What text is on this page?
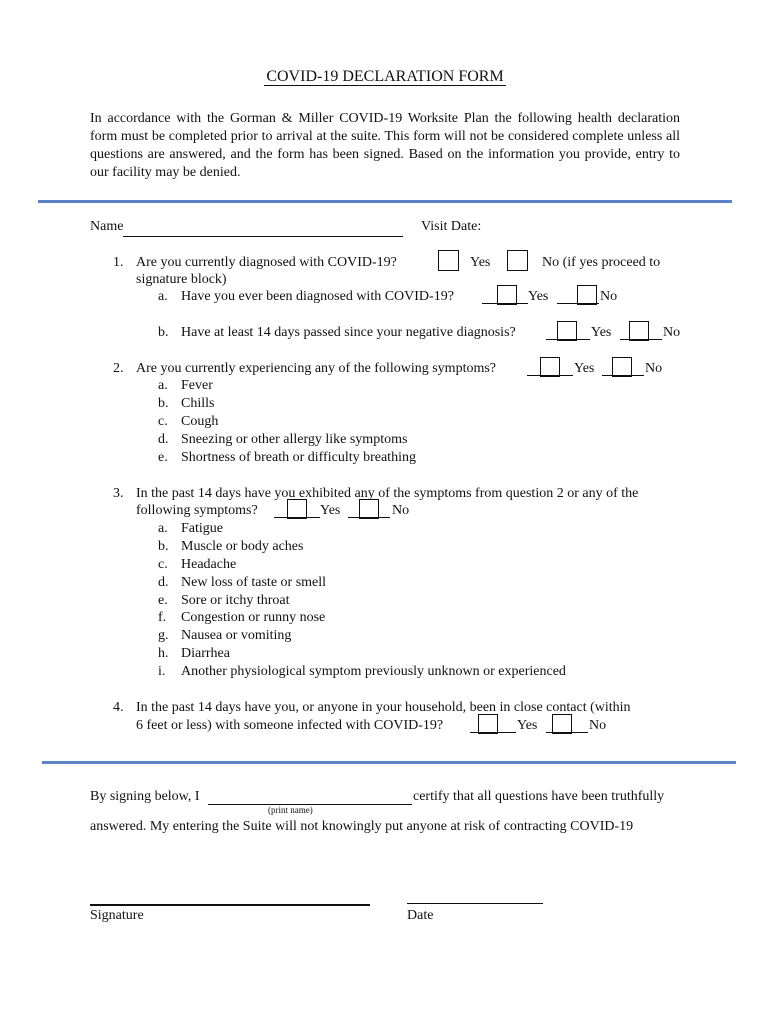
COVID-19 DECLARATION FORM
In accordance with the Gorman & Miller COVID-19 Worksite Plan the following health declaration form must be completed prior to arrival at the suite. This form will not be considered complete unless all questions are answered, and the form has been signed. Based on the information you provide, entry to our facility may be denied.
Name	Visit Date:
1. Are you currently diagnosed with COVID-19?	Yes	No (if yes proceed to
signature block)
a. Have you ever been diagnosed with COVID-19?	Yes	No
b. Have at least 14 days passed since your negative diagnosis?	Yes	No
2. Are you currently experiencing any of the following symptoms?	Yes	No
a. Fever
b. Chills
c. Cough
d. Sneezing or other allergy like symptoms
e. Shortness of breath or difficulty breathing
3. In the past 14 days have you exhibited any of the symptoms from question 2 or any of the
following symptoms?	Yes	No
a. Fatigue
b. Muscle or body aches
c. Headache
d. New loss of taste or smell
e. Sore or itchy throat
f. Congestion or runny nose
g. Nausea or vomiting
h. Diarrhea
i. Another physiological symptom previously unknown or experienced
4. In the past 14 days have you, or anyone in your household, been in close contact (within
6 feet or less) with someone infected with COVID-19?	Yes	No
By signing below, I	certify that all questions have been truthfully
(print name)
answered. My entering the Suite will not knowingly put anyone at risk of contracting COVID-19
Signature	Date
